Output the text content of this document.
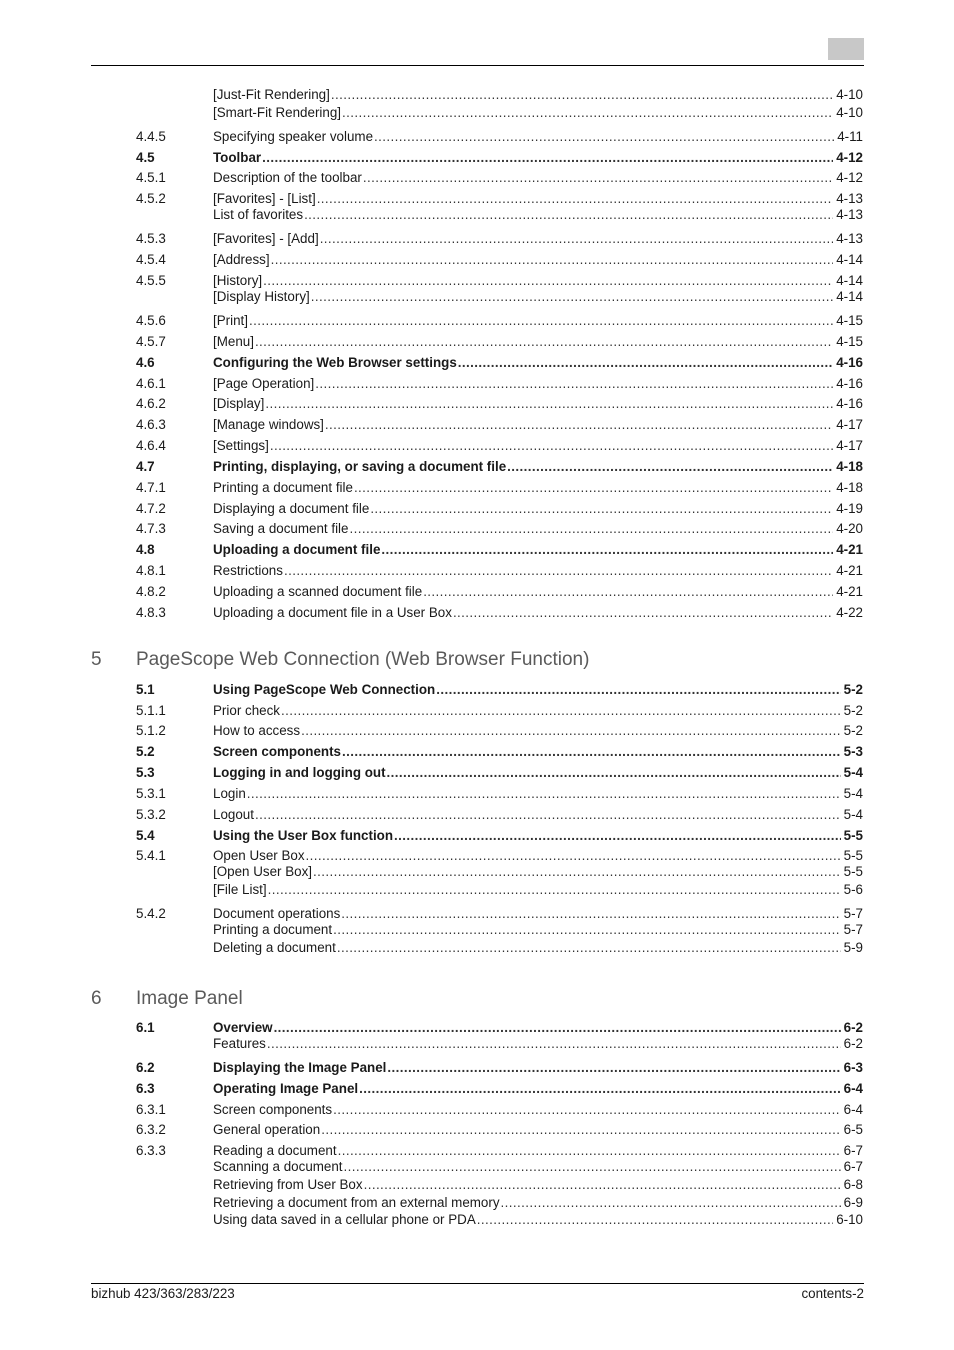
[Just-Fit Rendering] .....	4-10
[Smart-Fit Rendering] .....	4-10
4.4.5	Specifying speaker volume .....	4-11
4.5	Toolbar .....	4-12
4.5.1	Description of the toolbar .....	4-12
4.5.2	[Favorites] - [List] .....	4-13
List of favorites .....	4-13
4.5.3	[Favorites] - [Add] .....	4-13
4.5.4	[Address] .....	4-14
4.5.5	[History] .....	4-14
[Display History] .....	4-14
4.5.6	[Print] .....	4-15
4.5.7	[Menu] .....	4-15
4.6	Configuring the Web Browser settings .....	4-16
4.6.1	[Page Operation] .....	4-16
4.6.2	[Display] .....	4-16
4.6.3	[Manage windows] .....	4-17
4.6.4	[Settings] .....	4-17
4.7	Printing, displaying, or saving a document file .....	4-18
4.7.1	Printing a document file .....	4-18
4.7.2	Displaying a document file .....	4-19
4.7.3	Saving a document file .....	4-20
4.8	Uploading a document file .....	4-21
4.8.1	Restrictions .....	4-21
4.8.2	Uploading a scanned document file .....	4-21
4.8.3	Uploading a document file in a User Box .....	4-22
5.1	Using PageScope Web Connection .....	5-2
5.1.1	Prior check .....	5-2
5.1.2	How to access .....	5-2
5.2	Screen components .....	5-3
5.3	Logging in and logging out .....	5-4
5.3.1	Login .....	5-4
5.3.2	Logout .....	5-4
5.4	Using the User Box function .....	5-5
5.4.1	Open User Box .....	5-5
[Open User Box] .....	5-5
[File List] .....	5-6
5.4.2	Document operations .....	5-7
Printing a document .....	5-7
Deleting a document .....	5-9
6.1	Overview .....	6-2
Features .....	6-2
6.2	Displaying the Image Panel .....	6-3
6.3	Operating Image Panel .....	6-4
6.3.1	Screen components .....	6-4
6.3.2	General operation .....	6-5
6.3.3	Reading a document .....	6-7
Scanning a document .....	6-7
Retrieving from User Box .....	6-8
Retrieving a document from an external memory .....	6-9
Using data saved in a cellular phone or PDA .....	6-10
5 PageScope Web Connection (Web Browser Function)
6 Image Panel
bizhub 423/363/283/223	contents-2
